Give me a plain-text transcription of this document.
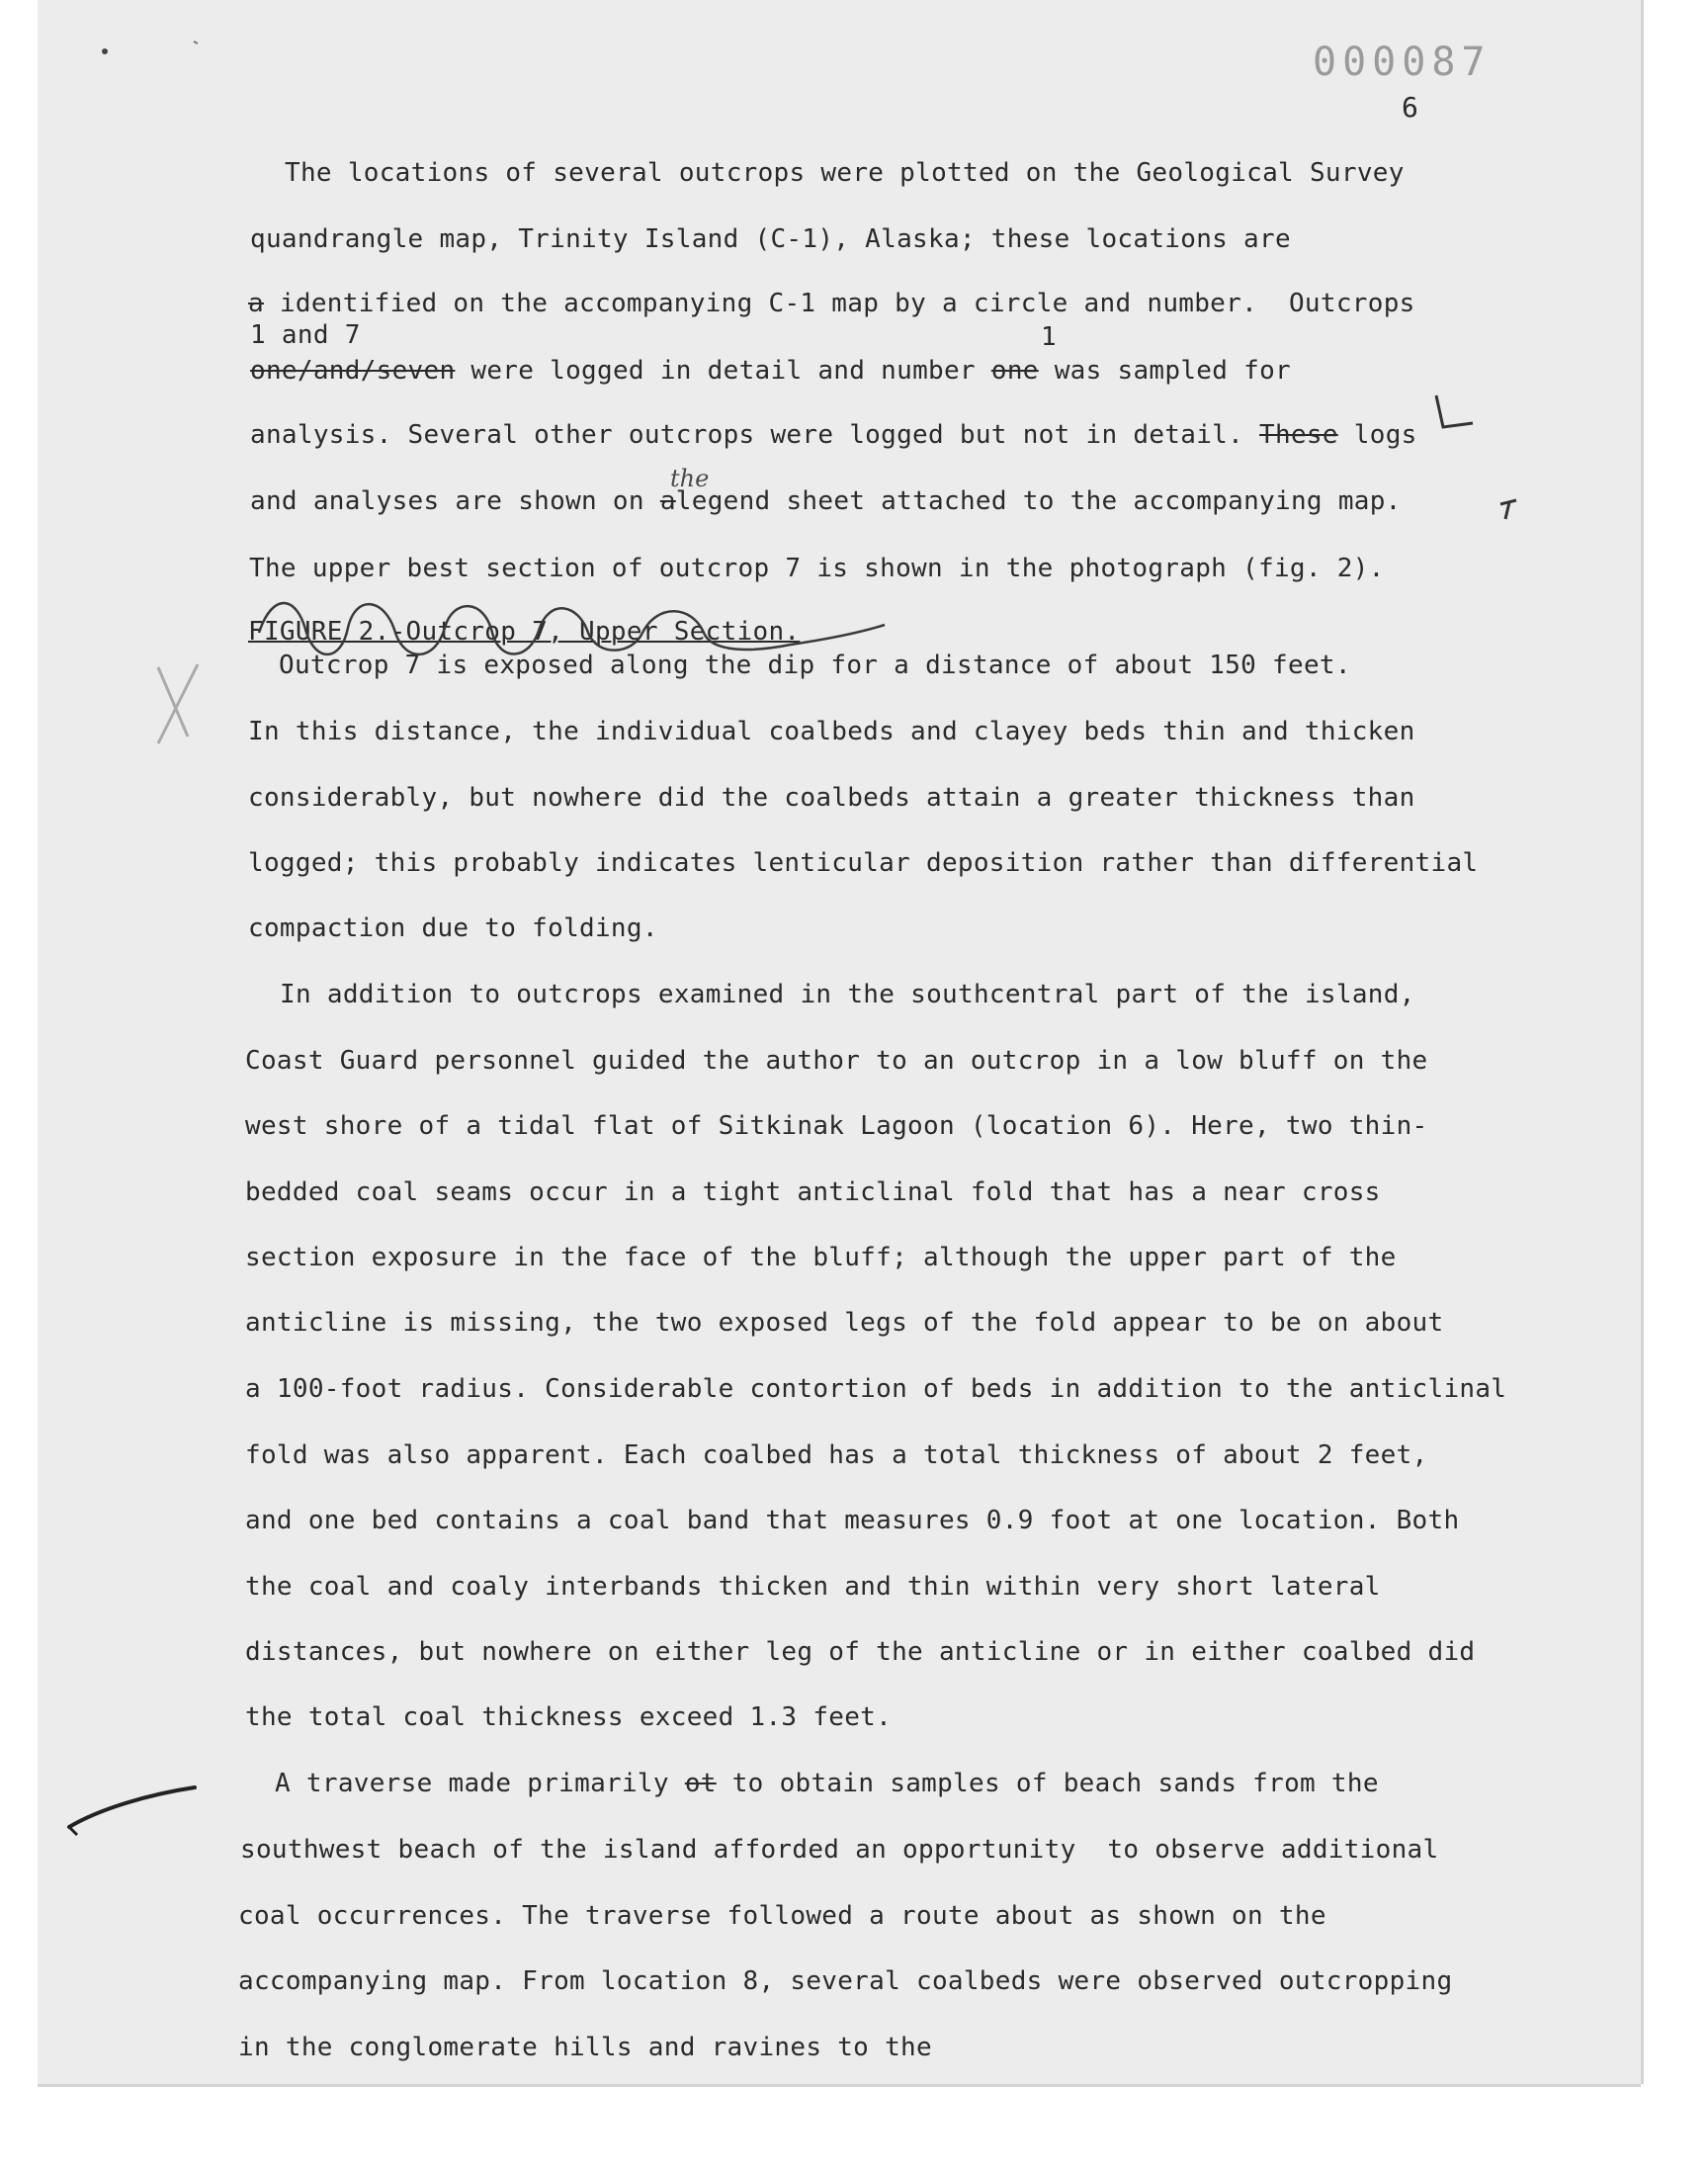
000087
6
The locations of several outcrops were plotted on the Geological Survey
quandrangle map, Trinity Island (C-1), Alaska; these locations are
a identified on the accompanying C-1 map by a circle and number. Outcrops
1 and 7	1
one/and/seven were logged in detail and number one was sampled for
analysis. Several other outcrops were logged but not in detail. These logs
the
and analyses are shown on alegend sheet attached to the accompanying map.
The upper best section of outcrop 7 is shown in the photograph (fig. 2).
FIGURE 2.-Outcrop 7, Upper Section.
Outcrop 7 is exposed along the dip for a distance of about 150 feet.
In this distance, the individual coalbeds and clayey beds thin and thicken
considerably, but nowhere did the coalbeds attain a greater thickness than
logged; this probably indicates lenticular deposition rather than differential
compaction due to folding.
In addition to outcrops examined in the southcentral part of the island,
Coast Guard personnel guided the author to an outcrop in a low bluff on the
west shore of a tidal flat of Sitkinak Lagoon (location 6). Here, two thin-
bedded coal seams occur in a tight anticlinal fold that has a near cross
section exposure in the face of the bluff; although the upper part of the
anticline is missing, the two exposed legs of the fold appear to be on about
a 100-foot radius. Considerable contortion of beds in addition to the anticlinal
fold was also apparent. Each coalbed has a total thickness of about 2 feet,
and one bed contains a coal band that measures 0.9 foot at one location. Both
the coal and coaly interbands thicken and thin within very short lateral
distances, but nowhere on either leg of the anticline or in either coalbed did
the total coal thickness exceed 1.3 feet.
A traverse made primarily ot to obtain samples of beach sands from the
southwest beach of the island afforded an opportunity  to observe additional
coal occurrences. The traverse followed a route about as shown on the
accompanying map. From location 8, several coalbeds were observed outcropping
in the conglomerate hills and ravines to the
